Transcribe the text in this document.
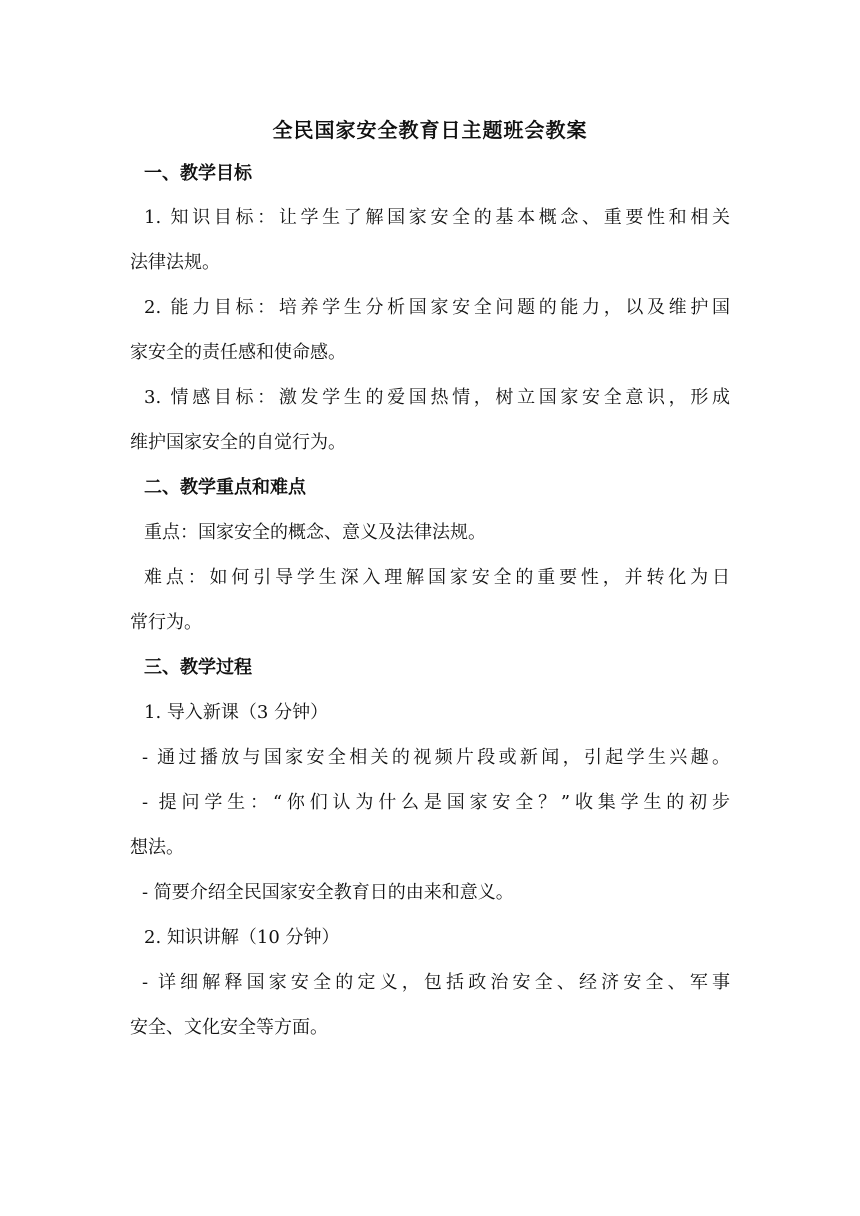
全民国家安全教育日主题班会教案
一、教学目标
1. 知识目标：让学生了解国家安全的基本概念、重要性和相关
法律法规。
2. 能力目标：培养学生分析国家安全问题的能力，以及维护国
家安全的责任感和使命感。
3. 情感目标：激发学生的爱国热情，树立国家安全意识，形成
维护国家安全的自觉行为。
二、教学重点和难点
重点：国家安全的概念、意义及法律法规。
难点：如何引导学生深入理解国家安全的重要性，并转化为日
常行为。
三、教学过程
1. 导入新课（3 分钟）
- 通过播放与国家安全相关的视频片段或新闻，引起学生兴趣。
- 提问学生：“你们认为什么是国家安全？”收集学生的初步
想法。
- 简要介绍全民国家安全教育日的由来和意义。
2. 知识讲解（10 分钟）
- 详细解释国家安全的定义，包括政治安全、经济安全、军事
安全、文化安全等方面。
